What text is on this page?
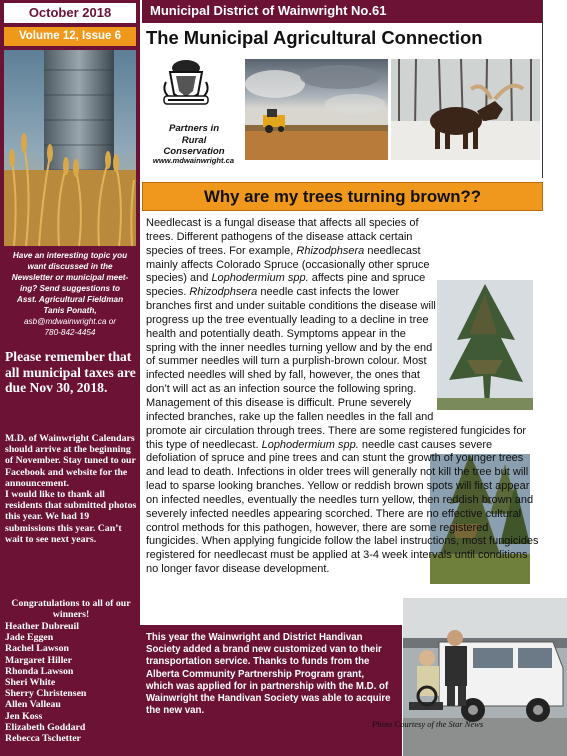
October 2018
Volume 12, Issue 6
Have an interesting topic you
want discussed in the
Newsletter or municipal meet-
ing? Send suggestions to
Asst. Agricultural Fieldman
Tanis Ponath,
asb@mdwainwright.ca or
780-842-4454
Please remember that all municipal taxes are due Nov 30, 2018.
M.D. of Wainwright Calendars should arrive at the beginning of November. Stay tuned to our Facebook and website for the announcement.
I would like to thank all residents that submitted photos this year. We had 19 submissions this year. Can’t wait to see next years.
Congratulations to all of our winners!
Heather Dubreuil
Jade Eggen
Rachel Lawson
Margaret Hiller
Rhonda Lawson
Sheri White
Sherry Christensen
Allen Valleau
Jen Koss
Elizabeth Goddard
Rebecca Tschetter
Municipal District of Wainwright No.61
The Municipal Agricultural Connection
Partners in
Rural
Conservation
www.mdwainwright.ca
Why are my trees turning brown??
Needlecast is a fungal disease that affects all species of trees. Different pathogens of the disease attack certain species of trees. For example, Rhizodphsera needlecast mainly affects Colorado Spruce (occasionally other spruce species) and Lophodermium spp. affects pine and spruce species. Rhizodphsera needle cast infects the lower branches first and under suitable conditions the disease will progress up the tree eventually leading to a decline in tree health and potentially death. Symptoms appear in the spring with the inner needles turning yellow and by the end of summer needles will turn a purplish-brown colour. Most infected needles will shed by fall, however, the ones that don’t will act as an infection source the following spring. Management of this disease is difficult. Prune severely infected branches, rake up the fallen needles in the fall and promote air circulation through trees. There are some registered fungicides for this type of needlecast. Lophodermium spp. needle cast causes severe defoliation of spruce and pine trees and can stunt the growth of younger trees and lead to death. Infections in older trees will generally not kill the tree but will lead to sparse looking branches. Yellow or reddish brown spots will first appear on infected needles, eventually the needles turn yellow, then reddish brown and severely infected needles appearing scorched. There are no effective cultural control methods for this pathogen, however, there are some registered fungicides. When applying fungicide follow the label instructions, most fungicides registered for needlecast must be applied at 3-4 week intervals until conditions no longer favor disease development.
This year the Wainwright and District Handivan Society added a brand new customized van to their transportation service. Thanks to funds from the Alberta Community Partnership Program grant, which was applied for in partnership with the M.D. of Wainwright the Handivan Society was able to acquire the new van.
Photo Courtesy of the Star News
